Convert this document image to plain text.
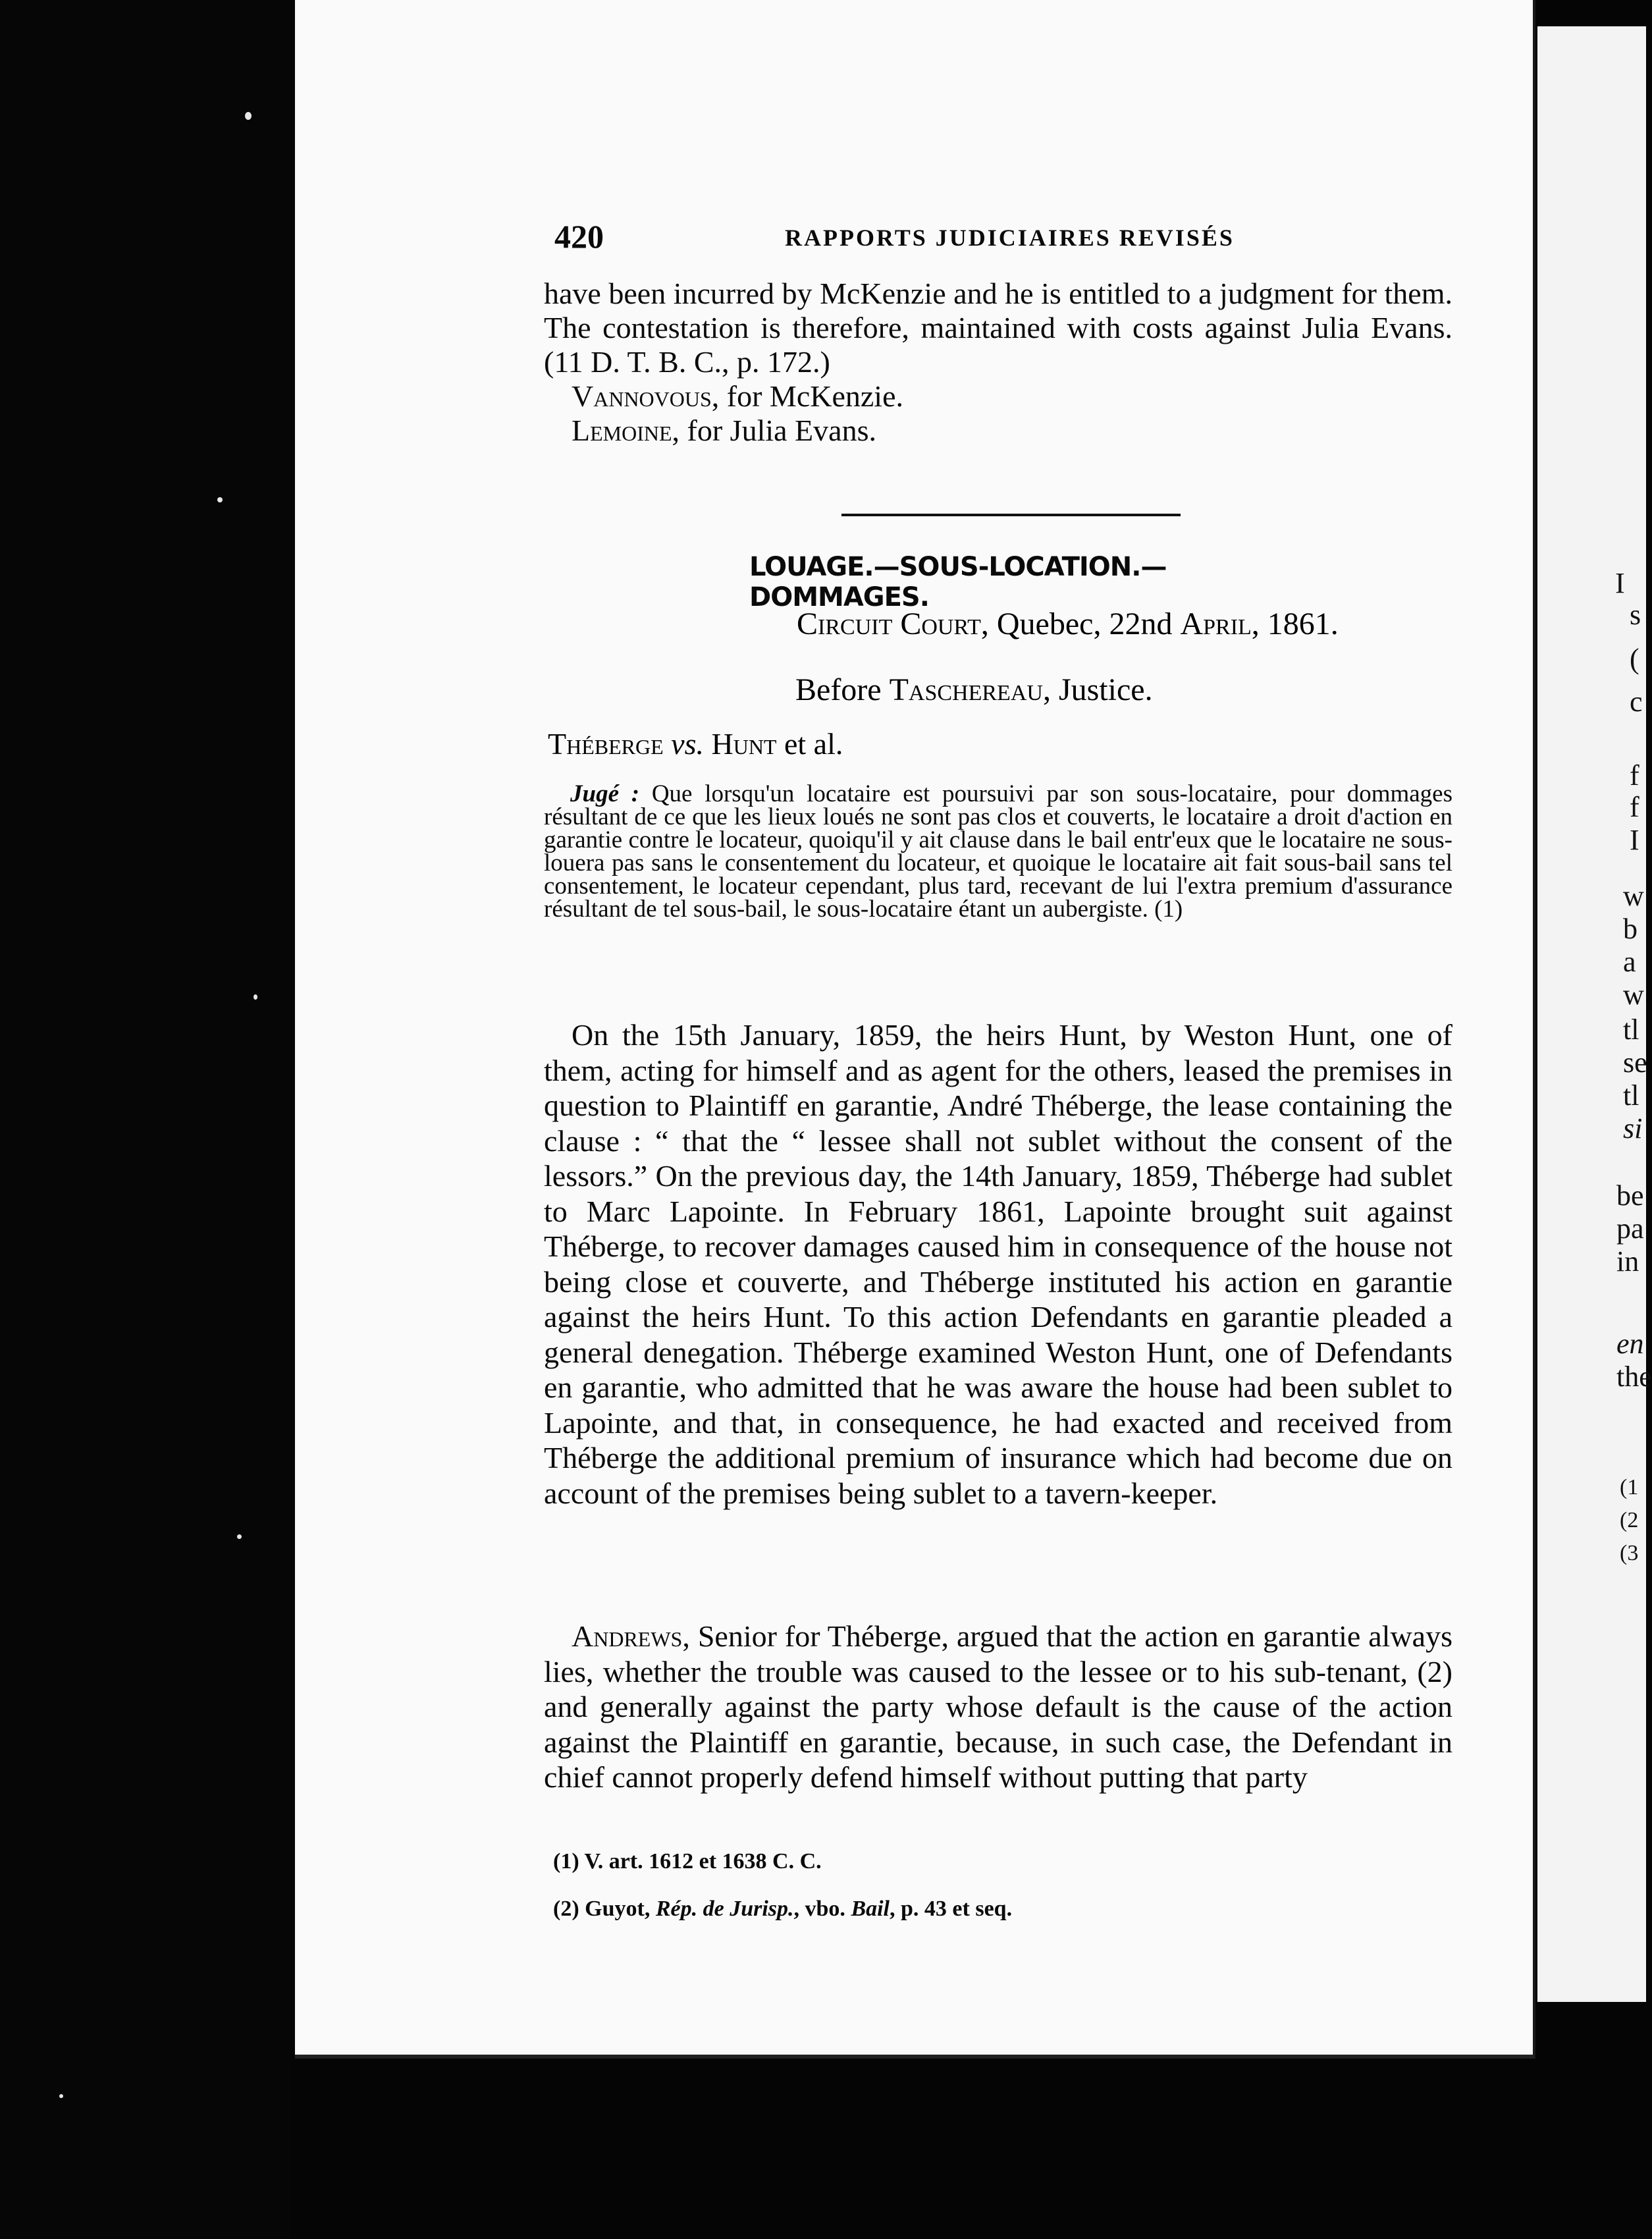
420	RAPPORTS JUDICIAIRES REVISÉS
have been incurred by McKenzie and he is entitled to a judgment for them. The contestation is therefore, maintained with costs against Julia Evans. (11 D. T. B. C., p. 172.)
Vannovous, for McKenzie.
Lemoine, for Julia Evans.
LOUAGE.—SOUS-LOCATION.—DOMMAGES.
Circuit Court, Quebec, 22nd April, 1861.
Before Taschereau, Justice.
Théberge vs. Hunt et al.
Jugé : Que lorsqu'un locataire est poursuivi par son sous-locataire, pour dommages résultant de ce que les lieux loués ne sont pas clos et couverts, le locataire a droit d'action en garantie contre le locateur, quoiqu'il y ait clause dans le bail entr'eux que le locataire ne sous-louera pas sans le consentement du locateur, et quoique le locataire ait fait sous-bail sans tel consentement, le locateur cependant, plus tard, recevant de lui l'extra premium d'assurance résultant de tel sous-bail, le sous-locataire étant un aubergiste. (1)
On the 15th January, 1859, the heirs Hunt, by Weston Hunt, one of them, acting for himself and as agent for the others, leased the premises in question to Plaintiff en garantie, André Théberge, the lease containing the clause : “ that the “ lessee shall not sublet without the consent of the lessors.” On the previous day, the 14th January, 1859, Théberge had sublet to Marc Lapointe. In February 1861, Lapointe brought suit against Théberge, to recover damages caused him in consequence of the house not being close et couverte, and Théberge instituted his action en garantie against the heirs Hunt. To this action Defendants en garantie pleaded a general denegation. Théberge examined Weston Hunt, one of Defendants en garantie, who admitted that he was aware the house had been sublet to Lapointe, and that, in consequence, he had exacted and received from Théberge the additional premium of insurance which had become due on account of the premises being sublet to a tavern-keeper.
Andrews, Senior for Théberge, argued that the action en garantie always lies, whether the trouble was caused to the lessee or to his sub-tenant, (2) and generally against the party whose default is the cause of the action against the Plaintiff en garantie, because, in such case, the Defendant in chief cannot properly defend himself without putting that party
(1) V. art. 1612 et 1638 C. C.
(2) Guyot, Rép. de Jurisp., vbo. Bail, p. 43 et seq.
I
s
(
c
f
f
I
w
b
a
w
tl
se
tl
si
be
pa
in
en
the
(1
(2
(3
